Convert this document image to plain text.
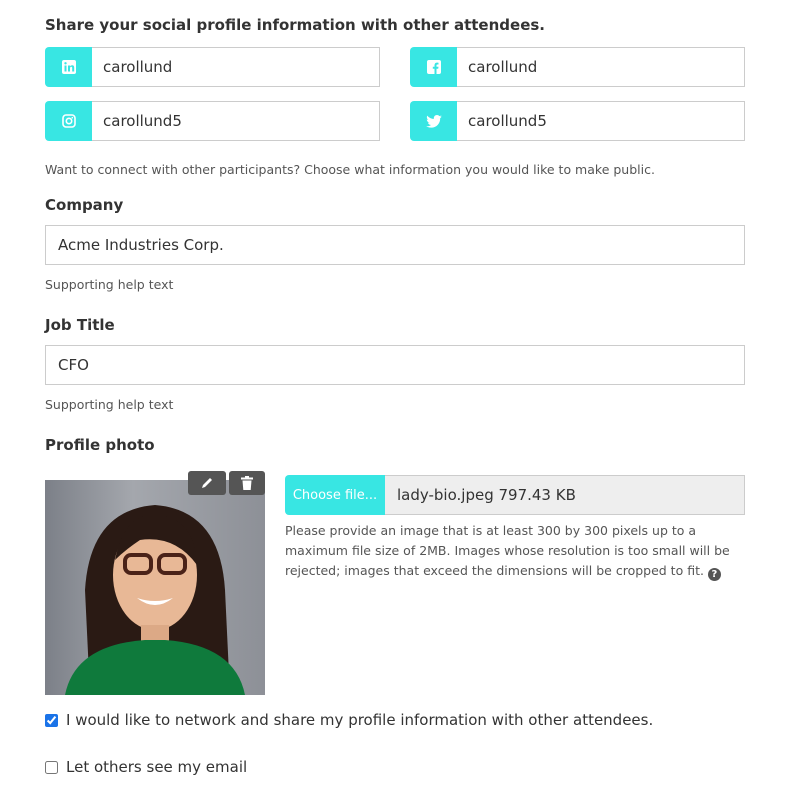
Share your social profile information with other attendees.
carollund	carollund
carollund5	carollund5
Want to connect with other participants? Choose what information you would like to make public.
Company
Acme Industries Corp.
Supporting help text
Job Title
CFO
Supporting help text
Profile photo
Choose file...	lady-bio.jpeg 797.43 KB
Please provide an image that is at least 300 by 300 pixels up to a maximum file size of 2MB. Images whose resolution is too small will be rejected; images that exceed the dimensions will be cropped to fit. ?
I would like to network and share my profile information with other attendees.
Let others see my email
